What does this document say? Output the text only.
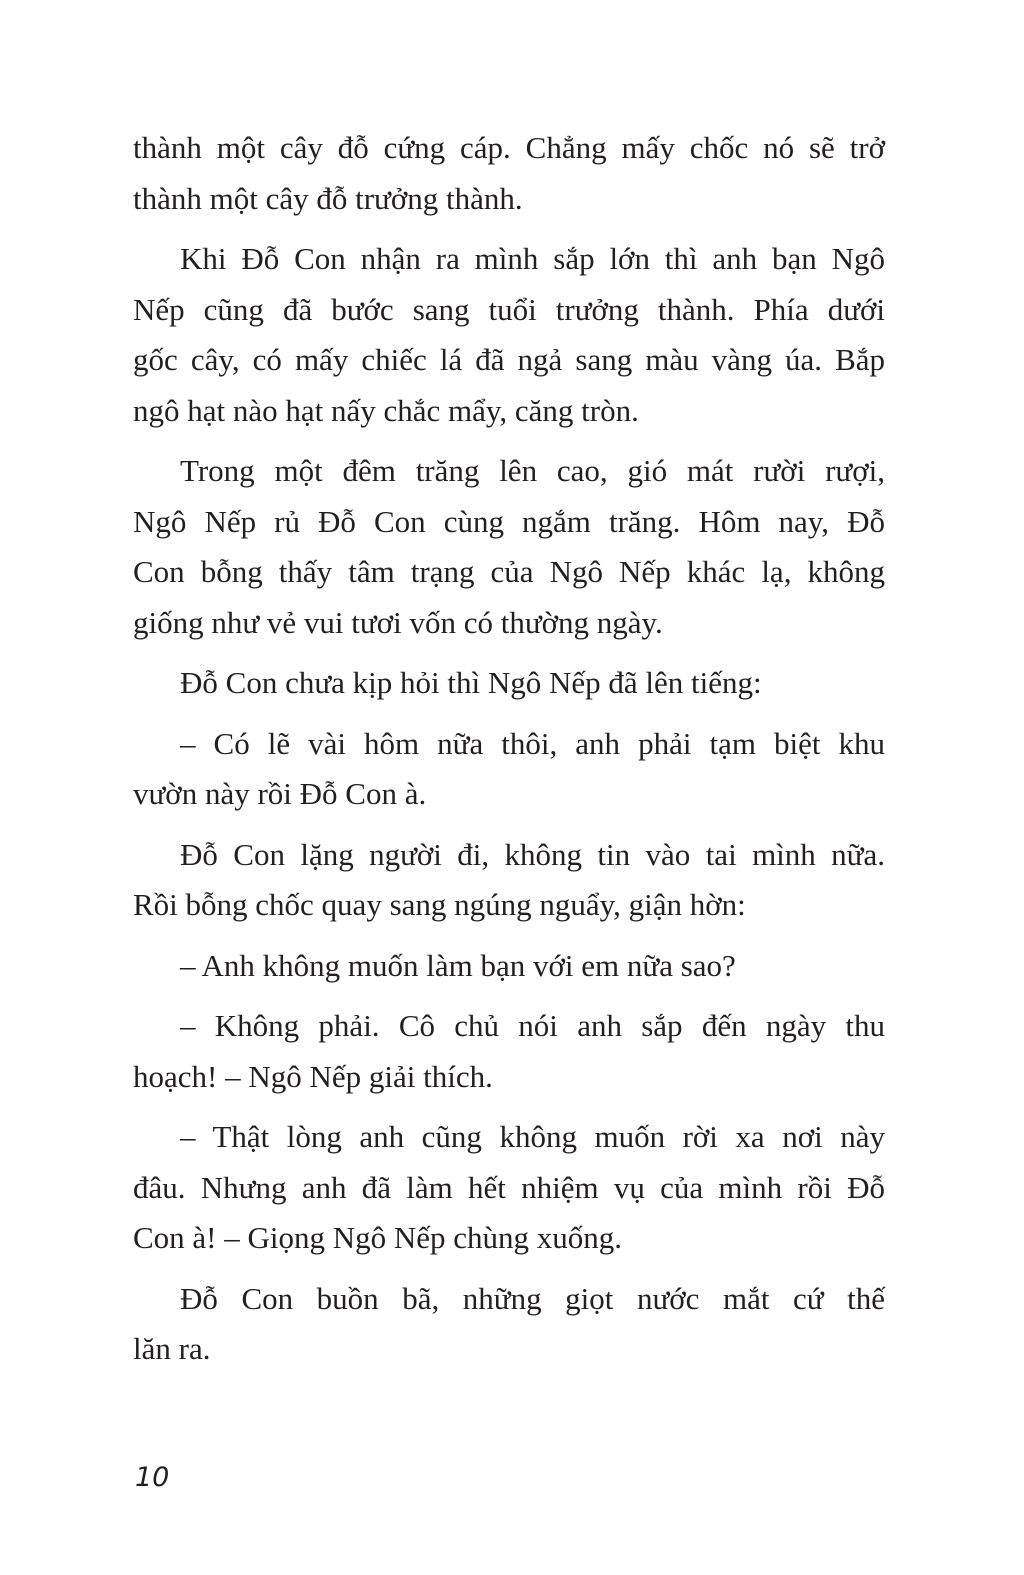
thành một cây đỗ cứng cáp. Chẳng mấy chốc nó sẽ trở
thành một cây đỗ trưởng thành.
Khi Đỗ Con nhận ra mình sắp lớn thì anh bạn Ngô
Nếp cũng đã bước sang tuổi trưởng thành. Phía dưới
gốc cây, có mấy chiếc lá đã ngả sang màu vàng úa. Bắp
ngô hạt nào hạt nấy chắc mẩy, căng tròn.
Trong một đêm trăng lên cao, gió mát rười rượi,
Ngô Nếp rủ Đỗ Con cùng ngắm trăng. Hôm nay, Đỗ
Con bỗng thấy tâm trạng của Ngô Nếp khác lạ, không
giống như vẻ vui tươi vốn có thường ngày.
Đỗ Con chưa kịp hỏi thì Ngô Nếp đã lên tiếng:
– Có lẽ vài hôm nữa thôi, anh phải tạm biệt khu
vườn này rồi Đỗ Con à.
Đỗ Con lặng người đi, không tin vào tai mình nữa.
Rồi bỗng chốc quay sang ngúng nguẩy, giận hờn:
– Anh không muốn làm bạn với em nữa sao?
– Không phải. Cô chủ nói anh sắp đến ngày thu
hoạch! – Ngô Nếp giải thích.
– Thật lòng anh cũng không muốn rời xa nơi này
đâu. Nhưng anh đã làm hết nhiệm vụ của mình rồi Đỗ
Con à! – Giọng Ngô Nếp chùng xuống.
Đỗ Con buồn bã, những giọt nước mắt cứ thế
lăn ra.
10
